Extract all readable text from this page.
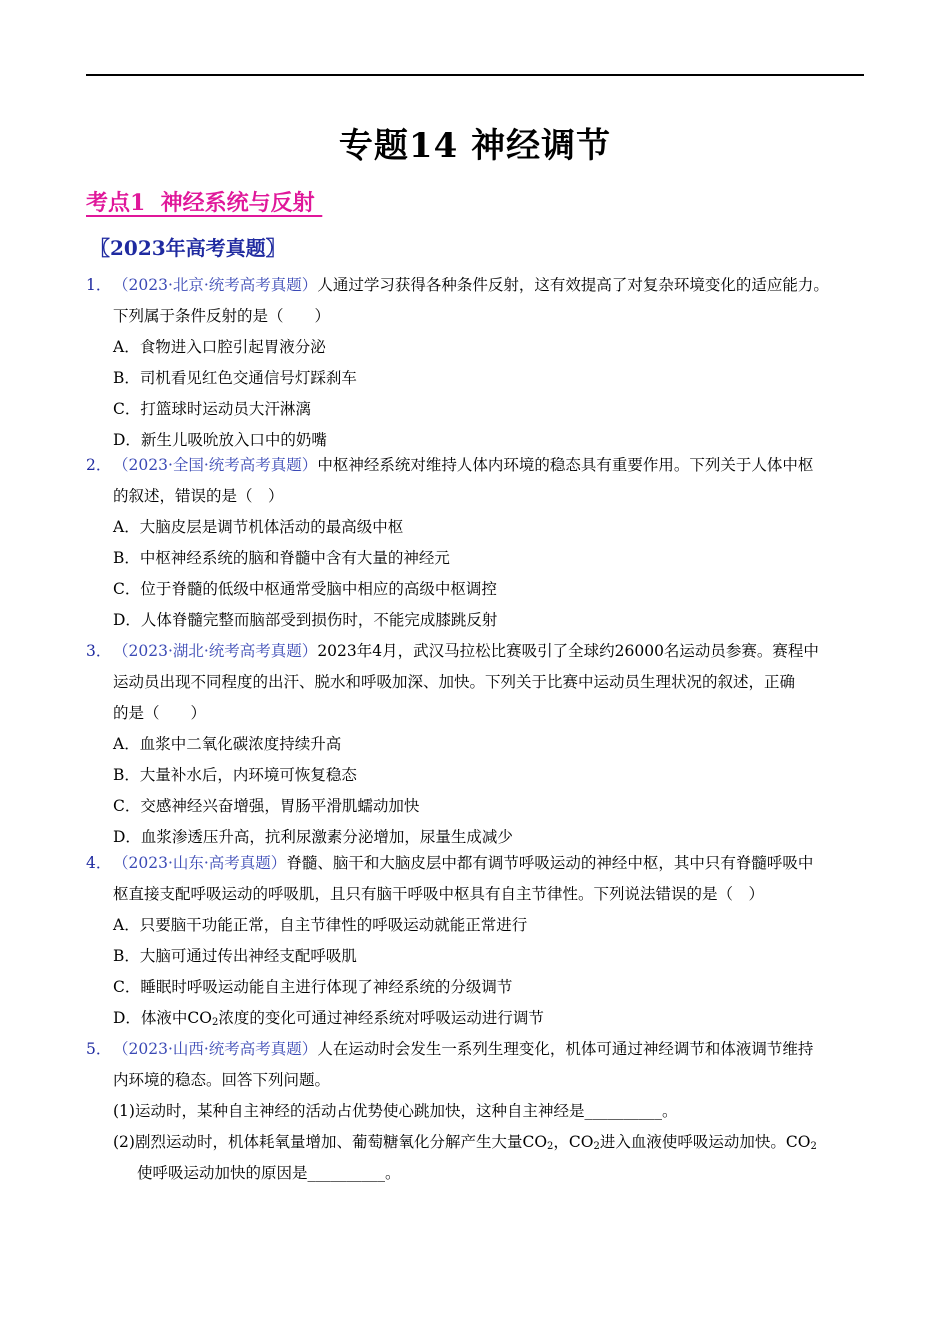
专题14 神经调节
考点1  神经系统与反射
〖2023年高考真题〗
1． （2023·北京·统考高考真题）人通过学习获得各种条件反射，这有效提高了对复杂环境变化的适应能力。
下列属于条件反射的是（　　）
A．食物进入口腔引起胃液分泌
B．司机看见红色交通信号灯踩刹车
C．打篮球时运动员大汗淋漓
D．新生儿吸吮放入口中的奶嘴
2． （2023·全国·统考高考真题）中枢神经系统对维持人体内环境的稳态具有重要作用。下列关于人体中枢
的叙述，错误的是（　）
A．大脑皮层是调节机体活动的最高级中枢
B．中枢神经系统的脑和脊髓中含有大量的神经元
C．位于脊髓的低级中枢通常受脑中相应的高级中枢调控
D．人体脊髓完整而脑部受到损伤时，不能完成膝跳反射
3． （2023·湖北·统考高考真题）2023年4月，武汉马拉松比赛吸引了全球约26000名运动员参赛。赛程中
运动员出现不同程度的出汗、脱水和呼吸加深、加快。下列关于比赛中运动员生理状况的叙述，正确
的是（　　）
A．血浆中二氧化碳浓度持续升高
B．大量补水后，内环境可恢复稳态
C．交感神经兴奋增强，胃肠平滑肌蠕动加快
D．血浆渗透压升高，抗利尿激素分泌增加，尿量生成减少
4． （2023·山东·高考真题）脊髓、脑干和大脑皮层中都有调节呼吸运动的神经中枢，其中只有脊髓呼吸中
枢直接支配呼吸运动的呼吸肌，且只有脑干呼吸中枢具有自主节律性。下列说法错误的是（　）
A．只要脑干功能正常，自主节律性的呼吸运动就能正常进行
B．大脑可通过传出神经支配呼吸肌
C．睡眠时呼吸运动能自主进行体现了神经系统的分级调节
D．体液中$CO_2$浓度的变化可通过神经系统对呼吸运动进行调节
5． （2023·山西·统考高考真题）人在运动时会发生一系列生理变化，机体可通过神经调节和体液调节维持
内环境的稳态。回答下列问题。
(1)运动时，某种自主神经的活动占优势使心跳加快，这种自主神经是__________。
(2)剧烈运动时，机体耗氧量增加、葡萄糖氧化分解产生大量$CO_2$，$CO_2$进入血液使呼吸运动加快。$CO_2$
使呼吸运动加快的原因是__________。
